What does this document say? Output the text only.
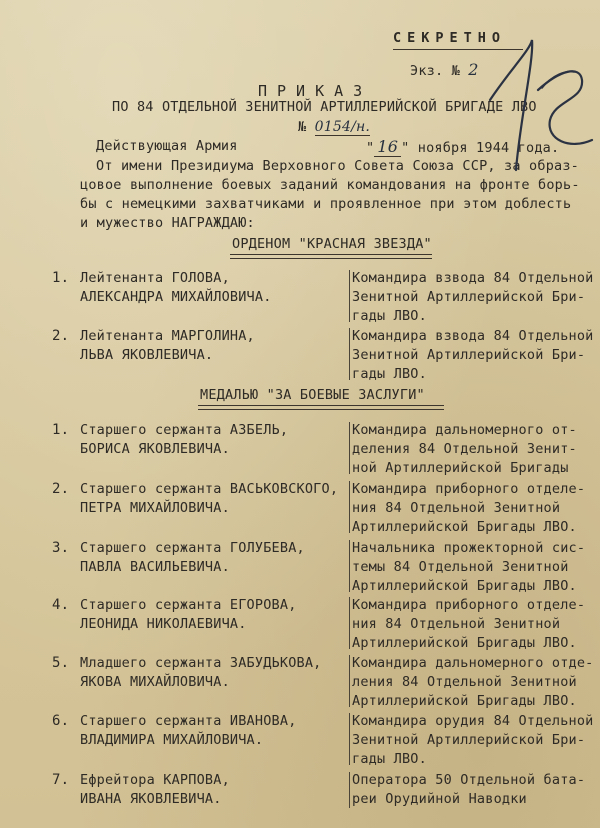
СЕКРЕТНО
Экз. № 2
ПРИКАЗ
ПО 84 ОТДЕЛЬНОЙ ЗЕНИТНОЙ АРТИЛЛЕРИЙСКОЙ БРИГАДЕ ЛВО
№ 0154/н.
Действующая Армия	" 16 " ноября 1944 года.
От имени Президиума Верховного Совета Союза ССР, за образ-
цовое выполнение боевых заданий командования на фронте борь-
бы с немецкими захватчиками и проявленное при этом доблесть
и мужество НАГРАЖДАЮ:
ОРДЕНОМ "КРАСНАЯ ЗВЕЗДА"
1. Лейтенанта ГОЛОВА,
АЛЕКСАНДРА МИХАЙЛОВИЧА.
Командира взвода 84 Отдельной
Зенитной Артиллерийской Бри-
гады ЛВО.
2. Лейтенанта МАРГОЛИНА,
ЛЬВА ЯКОВЛЕВИЧА.
Командира взвода 84 Отдельной
Зенитной Артиллерийской Бри-
гады ЛВО.
МЕДАЛЬЮ "ЗА БОЕВЫЕ ЗАСЛУГИ"
1. Старшего сержанта АЗБЕЛЬ,
БОРИСА ЯКОВЛЕВИЧА.
Командира дальномерного от-
деления 84 Отдельной Зенит-
ной Артиллерийской Бригады
2. Старшего сержанта ВАСЬКОВСКОГО,
ПЕТРА МИХАЙЛОВИЧА.
Командира приборного отделе-
ния 84 Отдельной Зенитной
Артиллерийской Бригады ЛВО.
3. Старшего сержанта ГОЛУБЕВА,
ПАВЛА ВАСИЛЬЕВИЧА.
Начальника прожекторной сис-
темы 84 Отдельной Зенитной
Артиллерийской Бригады ЛВО.
4. Старшего сержанта ЕГОРОВА,
ЛЕОНИДА НИКОЛАЕВИЧА.
Командира приборного отделе-
ния 84 Отдельной Зенитной
Артиллерийской Бригады ЛВО.
5. Младшего сержанта ЗАБУДЬКОВА,
ЯКОВА МИХАЙЛОВИЧА.
Командира дальномерного отде-
ления 84 Отдельной Зенитной
Артиллерийской Бригады ЛВО.
6. Старшего сержанта ИВАНОВА,
ВЛАДИМИРА МИХАЙЛОВИЧА.
Командира орудия 84 Отдельной
Зенитной Артиллерийской Бри-
гады ЛВО.
7. Ефрейтора КАРПОВА,
ИВАНА ЯКОВЛЕВИЧА.
Оператора 50 Отдельной бата-
реи Орудийной Наводки
